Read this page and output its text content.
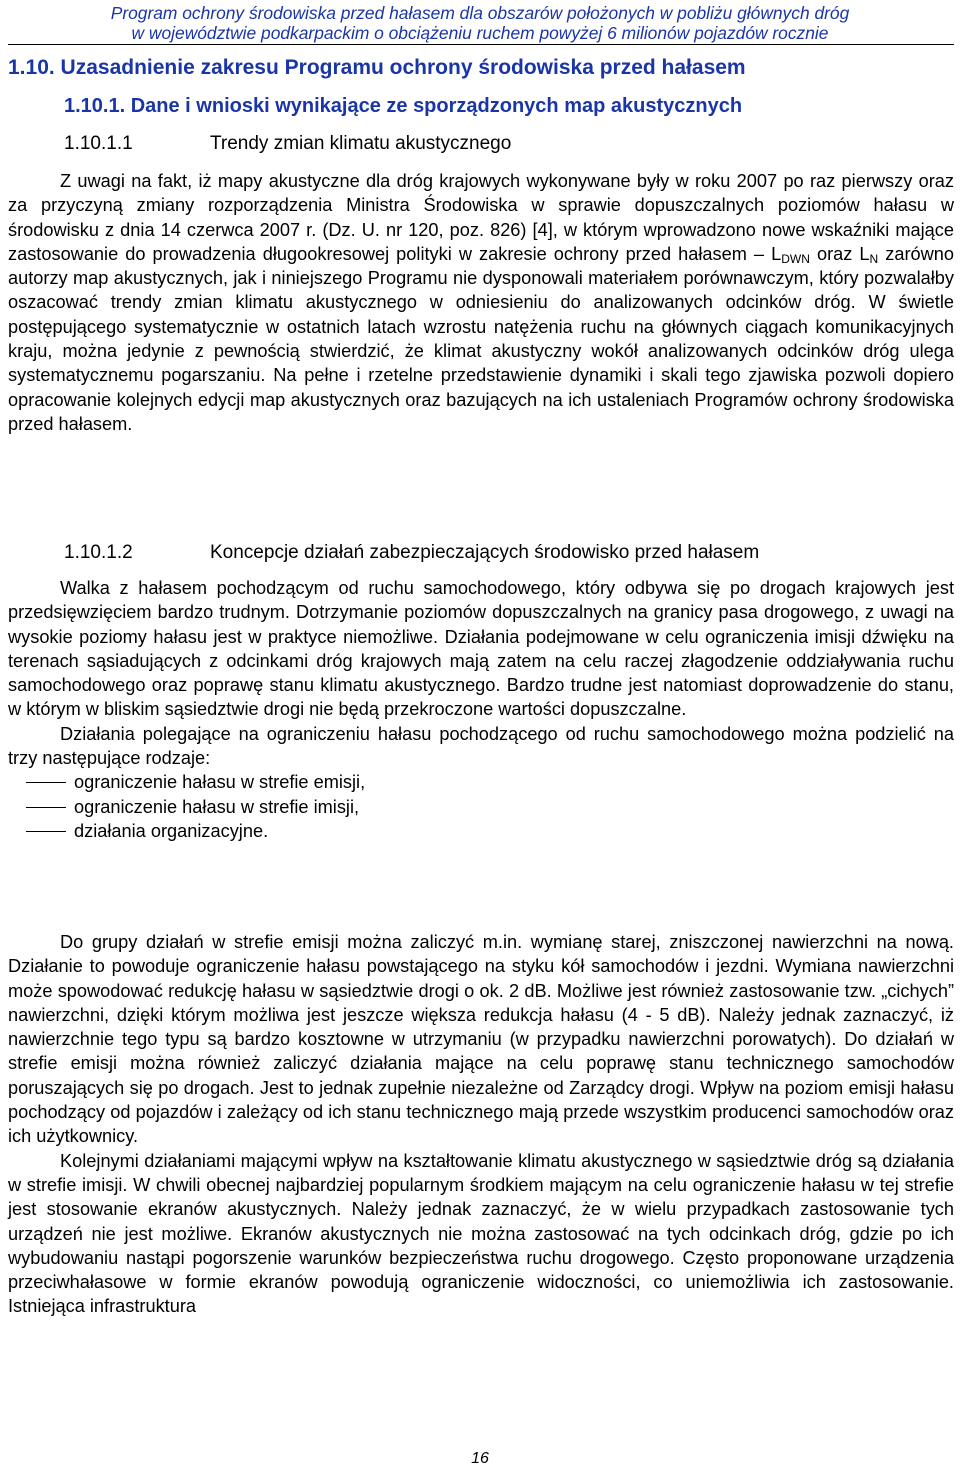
Program ochrony środowiska przed hałasem dla obszarów położonych w pobliżu głównych dróg
w województwie podkarpackim o obciążeniu ruchem powyżej 6 milionów pojazdów rocznie
1.10. Uzasadnienie zakresu Programu ochrony środowiska przed hałasem
1.10.1. Dane i wnioski wynikające ze sporządzonych map akustycznych
1.10.1.1	Trendy zmian klimatu akustycznego

Z uwagi na fakt, iż mapy akustyczne dla dróg krajowych wykonywane były w roku 2007 po raz pierwszy oraz za przyczyną zmiany rozporządzenia Ministra Środowiska w sprawie dopuszczalnych poziomów hałasu w środowisku z dnia 14 czerwca 2007 r. (Dz. U. nr 120, poz. 826) [4], w którym wprowadzono nowe wskaźniki mające zastosowanie do prowadzenia długookresowej polityki w zakresie ochrony przed hałasem – $L_{DWN}$ oraz $L_N$ zarówno autorzy map akustycznych, jak i niniejszego Programu nie dysponowali materiałem porównawczym, który pozwalałby oszacować trendy zmian klimatu akustycznego w odniesieniu do analizowanych odcinków dróg. W świetle postępującego systematycznie w ostatnich latach wzrostu natężenia ruchu na głównych ciągach komunikacyjnych kraju, można jedynie z pewnością stwierdzić, że klimat akustyczny wokół analizowanych odcinków dróg ulega systematycznemu pogarszaniu. Na pełne i rzetelne przedstawienie dynamiki i skali tego zjawiska pozwoli dopiero opracowanie kolejnych edycji map akustycznych oraz bazujących na ich ustaleniach Programów ochrony środowiska przed hałasem.

1.10.1.2	Koncepcje działań zabezpieczających środowisko przed hałasem

Walka z hałasem pochodzącym od ruchu samochodowego, który odbywa się po drogach krajowych jest przedsięwzięciem bardzo trudnym. Dotrzymanie poziomów dopuszczalnych na granicy pasa drogowego, z uwagi na wysokie poziomy hałasu jest w praktyce niemożliwe. Działania podejmowane w celu ograniczenia imisji dźwięku na terenach sąsiadujących z odcinkami dróg krajowych mają zatem na celu raczej złagodzenie oddziaływania ruchu samochodowego oraz poprawę stanu klimatu akustycznego. Bardzo trudne jest natomiast doprowadzenie do stanu, w którym w bliskim sąsiedztwie drogi nie będą przekroczone wartości dopuszczalne.

Działania polegające na ograniczeniu hałasu pochodzącego od ruchu samochodowego można podzielić na trzy następujące rodzaje:

ograniczenie hałasu w strefie emisji,
ograniczenie hałasu w strefie imisji,
działania organizacyjne.

Do grupy działań w strefie emisji można zaliczyć m.in. wymianę starej, zniszczonej nawierzchni na nową. Działanie to powoduje ograniczenie hałasu powstającego na styku kół samochodów i jezdni. Wymiana nawierzchni może spowodować redukcję hałasu w sąsiedztwie drogi o ok. 2 dB. Możliwe jest również zastosowanie tzw. „cichych” nawierzchni, dzięki którym możliwa jest jeszcze większa redukcja hałasu (4 - 5 dB). Należy jednak zaznaczyć, iż nawierzchnie tego typu są bardzo kosztowne w utrzymaniu (w przypadku nawierzchni porowatych). Do działań w strefie emisji można również zaliczyć działania mające na celu poprawę stanu technicznego samochodów poruszających się po drogach. Jest to jednak zupełnie niezależne od Zarządcy drogi. Wpływ na poziom emisji hałasu pochodzący od pojazdów i zależący od ich stanu technicznego mają przede wszystkim producenci samochodów oraz ich użytkownicy.

Kolejnymi działaniami mającymi wpływ na kształtowanie klimatu akustycznego w sąsiedztwie dróg są działania w strefie imisji. W chwili obecnej najbardziej popularnym środkiem mającym na celu ograniczenie hałasu w tej strefie jest stosowanie ekranów akustycznych. Należy jednak zaznaczyć, że w wielu przypadkach zastosowanie tych urządzeń nie jest możliwe. Ekranów akustycznych nie można zastosować na tych odcinkach dróg, gdzie po ich wybudowaniu nastąpi pogorszenie warunków bezpieczeństwa ruchu drogowego. Często proponowane urządzenia przeciwhałasowe w formie ekranów powodują ograniczenie widoczności, co uniemożliwia ich zastosowanie. Istniejąca infrastruktura

16
